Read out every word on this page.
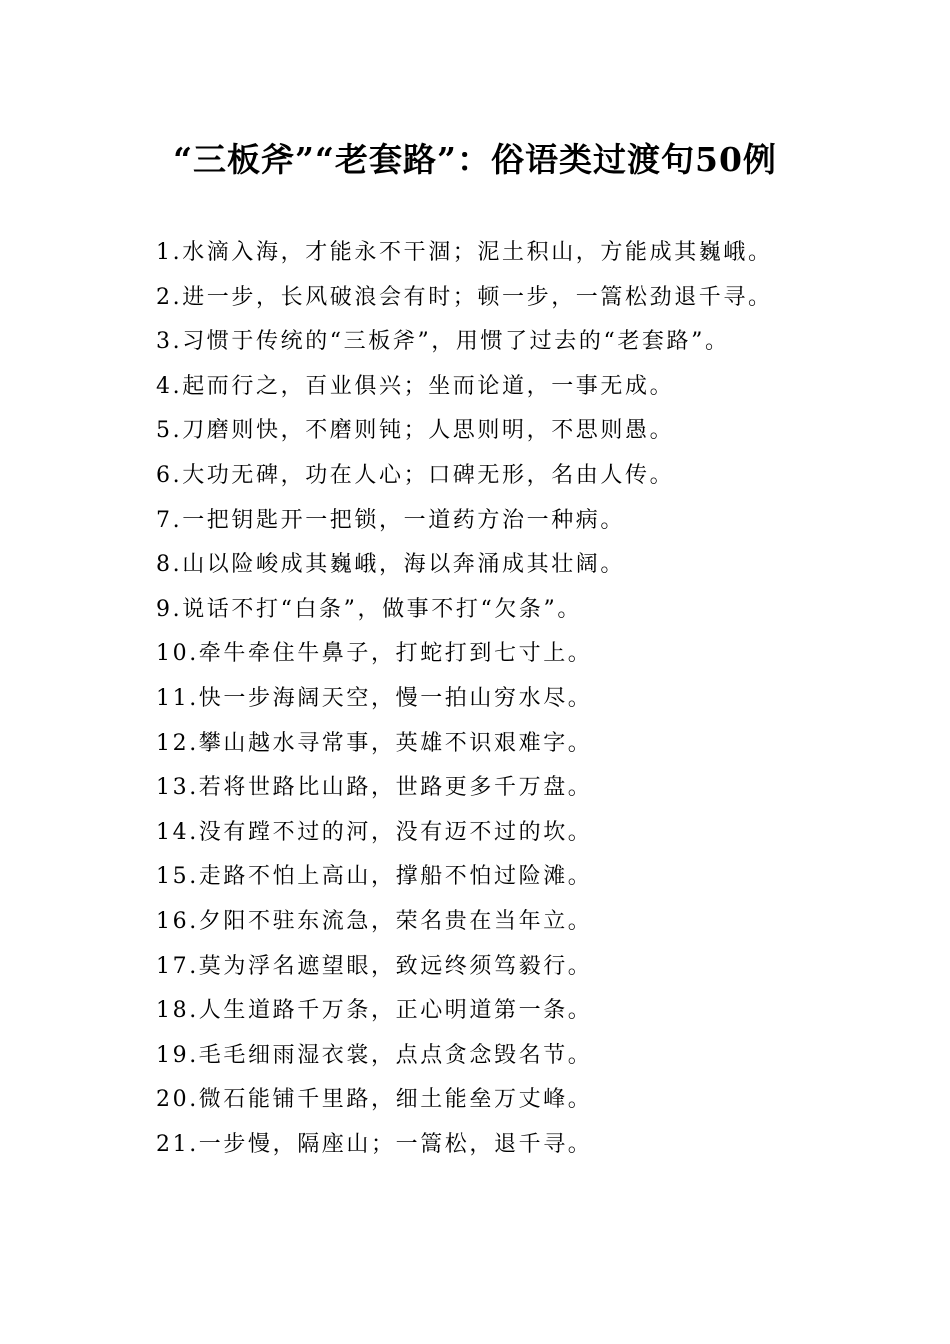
“三板斧”“老套路”：俗语类过渡句50例
1.水滴入海，才能永不干涸；泥土积山，方能成其巍峨。
2.进一步，长风破浪会有时；顿一步，一篙松劲退千寻。
3.习惯于传统的“三板斧”，用惯了过去的“老套路”。
4.起而行之，百业俱兴；坐而论道，一事无成。
5.刀磨则快，不磨则钝；人思则明，不思则愚。
6.大功无碑，功在人心；口碑无形，名由人传。
7.一把钥匙开一把锁，一道药方治一种病。
8.山以险峻成其巍峨，海以奔涌成其壮阔。
9.说话不打“白条”，做事不打“欠条”。
10.牵牛牵住牛鼻子，打蛇打到七寸上。
11.快一步海阔天空，慢一拍山穷水尽。
12.攀山越水寻常事，英雄不识艰难字。
13.若将世路比山路，世路更多千万盘。
14.没有蹚不过的河，没有迈不过的坎。
15.走路不怕上高山，撑船不怕过险滩。
16.夕阳不驻东流急，荣名贵在当年立。
17.莫为浮名遮望眼，致远终须笃毅行。
18.人生道路千万条，正心明道第一条。
19.毛毛细雨湿衣裳，点点贪念毁名节。
20.微石能铺千里路，细土能垒万丈峰。
21.一步慢，隔座山；一篙松，退千寻。
